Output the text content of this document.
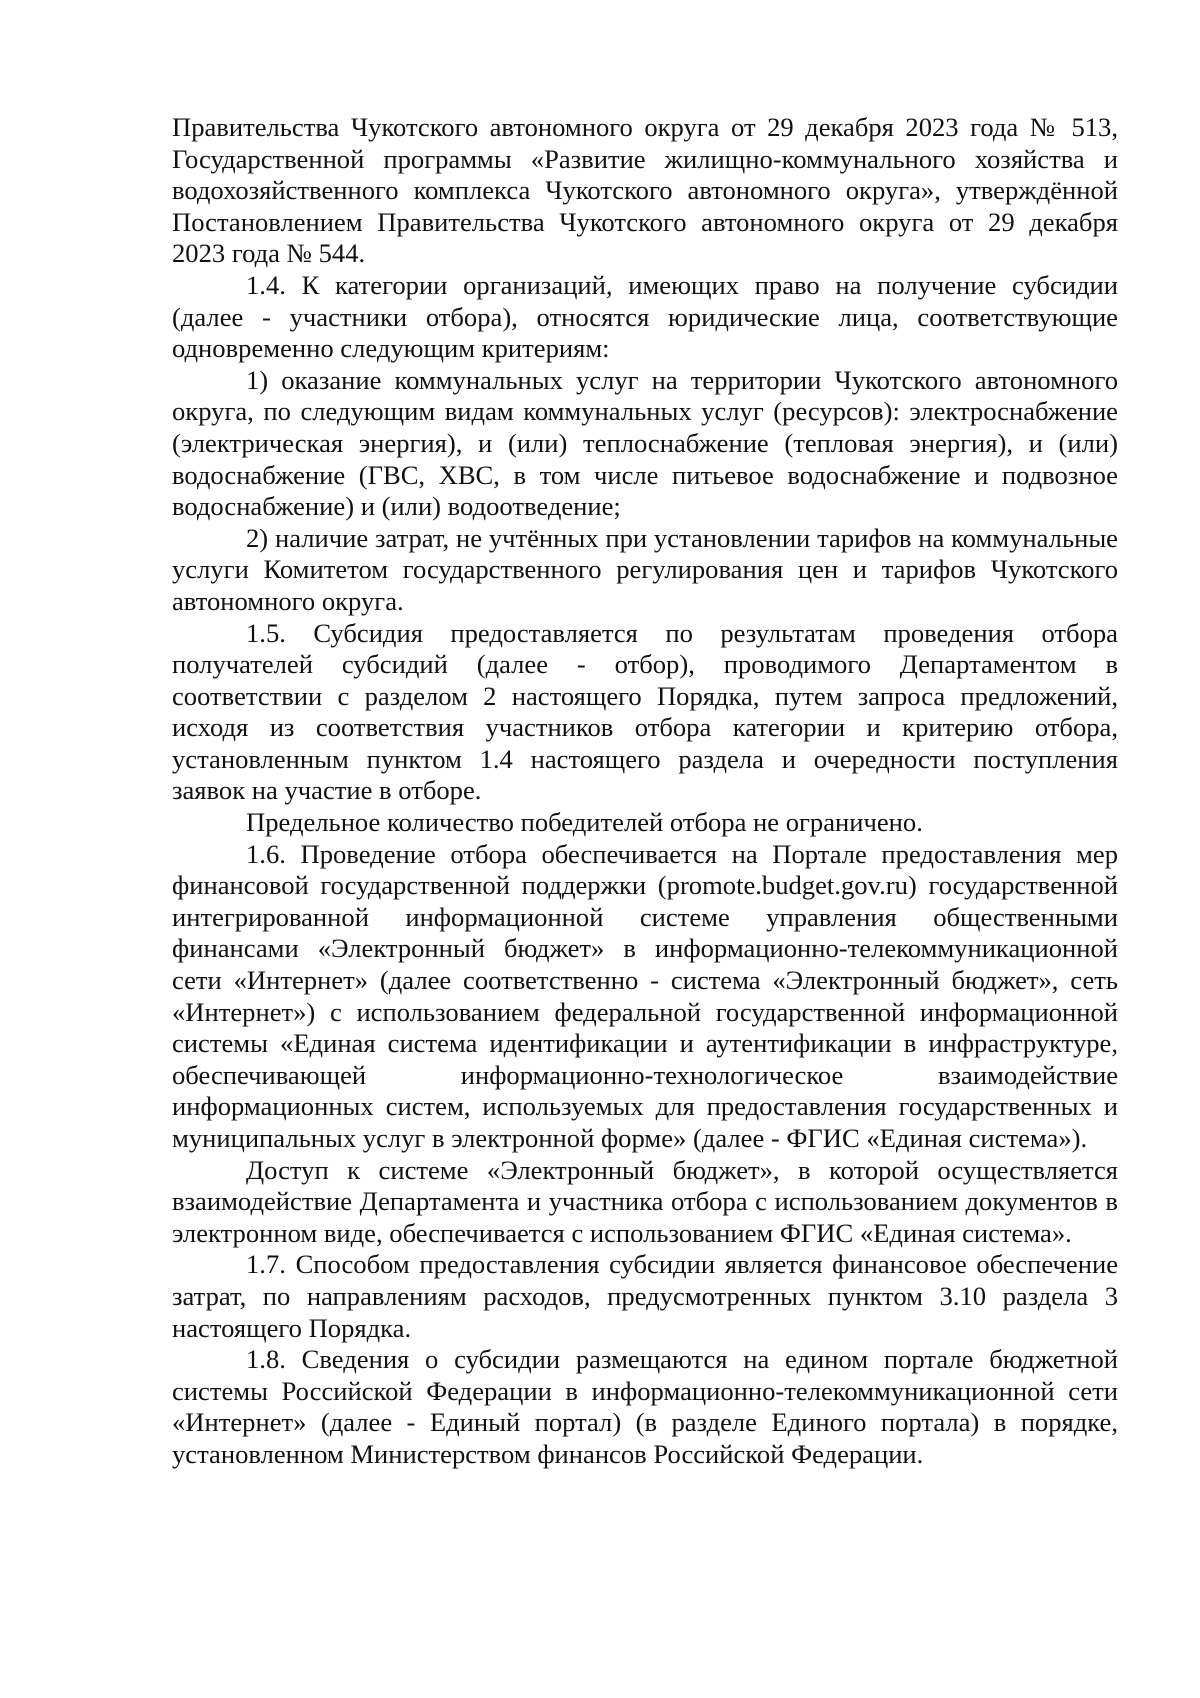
Правительства Чукотского автономного округа от 29 декабря 2023 года № 513, Государственной программы «Развитие жилищно-коммунального хозяйства и водохозяйственного комплекса Чукотского автономного округа», утверждённой Постановлением Правительства Чукотского автономного округа от 29 декабря 2023 года № 544.

1.4. К категории организаций, имеющих право на получение субсидии (далее - участники отбора), относятся юридические лица, соответствующие одновременно следующим критериям:

1) оказание коммунальных услуг на территории Чукотского автономного округа, по следующим видам коммунальных услуг (ресурсов): электроснабжение (электрическая энергия), и (или) теплоснабжение (тепловая энергия), и (или) водоснабжение (ГВС, ХВС, в том числе питьевое водоснабжение и подвозное водоснабжение) и (или) водоотведение;

2) наличие затрат, не учтённых при установлении тарифов на коммунальные услуги Комитетом государственного регулирования цен и тарифов Чукотского автономного округа.

1.5. Субсидия предоставляется по результатам проведения отбора получателей субсидий (далее - отбор), проводимого Департаментом в соответствии с разделом 2 настоящего Порядка, путем запроса предложений, исходя из соответствия участников отбора категории и критерию отбора, установленным пунктом 1.4 настоящего раздела и очередности поступления заявок на участие в отборе.

Предельное количество победителей отбора не ограничено.

1.6. Проведение отбора обеспечивается на Портале предоставления мер финансовой государственной поддержки (promote.budget.gov.ru) государственной интегрированной информационной системе управления общественными финансами «Электронный бюджет» в информационно-телекоммуникационной сети «Интернет» (далее соответственно - система «Электронный бюджет», сеть «Интернет») с использованием федеральной государственной информационной системы «Единая система идентификации и аутентификации в инфраструктуре, обеспечивающей информационно-технологическое взаимодействие информационных систем, используемых для предоставления государственных и муниципальных услуг в электронной форме» (далее - ФГИС «Единая система»).

Доступ к системе «Электронный бюджет», в которой осуществляется взаимодействие Департамента и участника отбора с использованием документов в электронном виде, обеспечивается с использованием ФГИС «Единая система».

1.7. Способом предоставления субсидии является финансовое обеспечение затрат, по направлениям расходов, предусмотренных пунктом 3.10 раздела 3 настоящего Порядка.

1.8. Сведения о субсидии размещаются на едином портале бюджетной системы Российской Федерации в информационно-телекоммуникационной сети «Интернет» (далее - Единый портал) (в разделе Единого портала) в порядке, установленном Министерством финансов Российской Федерации.
